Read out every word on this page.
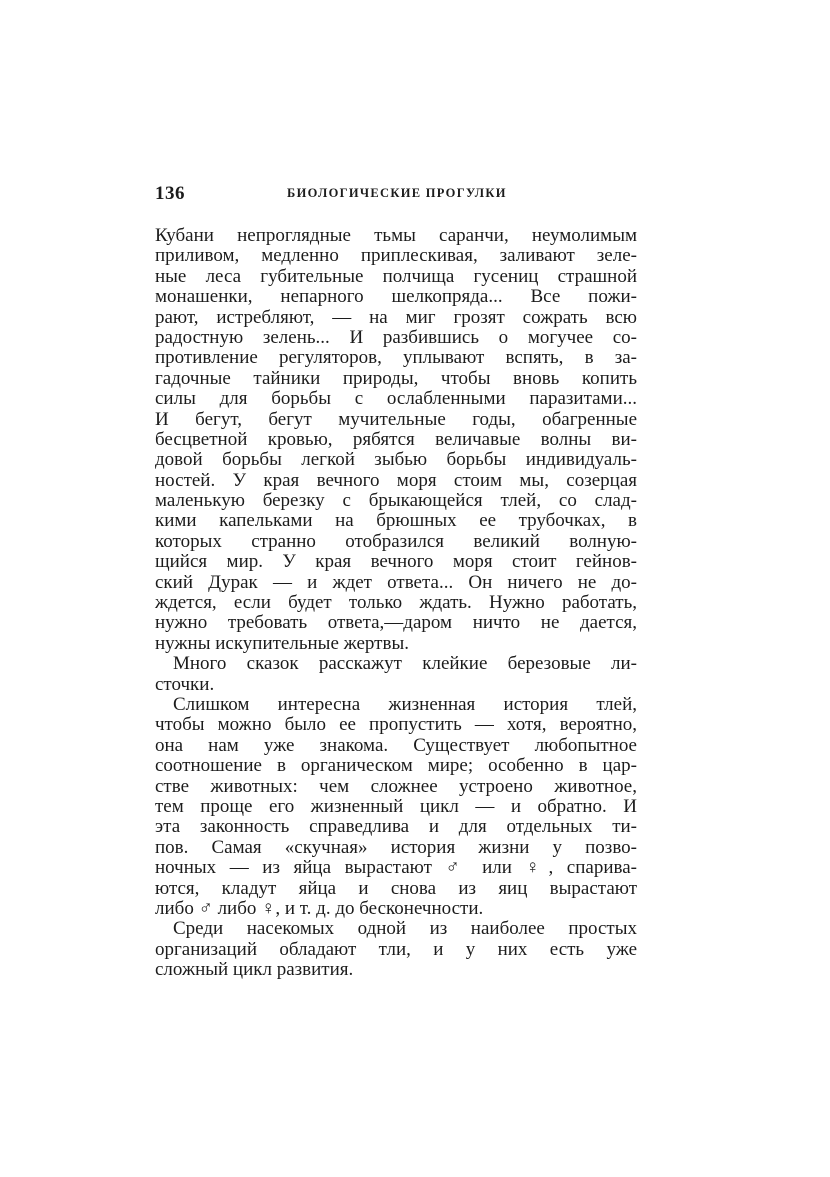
136	БИОЛОГИЧЕСКИЕ ПРОГУЛКИ
Кубани непроглядные тьмы саранчи, неумолимым
приливом, медленно приплескивая, заливают зеле-
ные леса губительные полчища гусениц страшной
монашенки, непарного шелкопряда... Все пожи-
рают, истребляют, — на миг грозят сожрать всю
радостную зелень... И разбившись о могучее со-
противление регуляторов, уплывают вспять, в за-
гадочные тайники природы, чтобы вновь копить
силы для борьбы с ослабленными паразитами...
И бегут, бегут мучительные годы, обагренные
бесцветной кровью, рябятся величавые волны ви-
довой борьбы легкой зыбью борьбы индивидуаль-
ностей. У края вечного моря стоим мы, созерцая
маленькую березку с брыкающейся тлей, со слад-
кими капельками на брюшных ее трубочках, в
которых странно отобразился великий волную-
щийся мир. У края вечного моря стоит гейнов-
ский Дурак — и ждет ответа... Он ничего не до-
ждется, если будет только ждать. Нужно работать,
нужно требовать ответа,—даром ничто не дается,
нужны искупительные жертвы.
Много сказок расскажут клейкие березовые ли-
сточки.
Слишком интересна жизненная история тлей,
чтобы можно было ее пропустить — хотя, вероятно,
она нам уже знакома. Существует любопытное
соотношение в органическом мире; особенно в цар-
стве животных: чем сложнее устроено животное,
тем проще его жизненный цикл — и обратно. И
эта законность справедлива и для отдельных ти-
пов. Самая «скучная» история жизни у позво-
ночных — из яйца вырастают ♂ или ♀, спарива-
ются, кладут яйца и снова из яиц вырастают
либо ♂ либо ♀, и т. д. до бесконечности.
Среди насекомых одной из наиболее простых
организаций обладают тли, и у них есть уже
сложный цикл развития.
